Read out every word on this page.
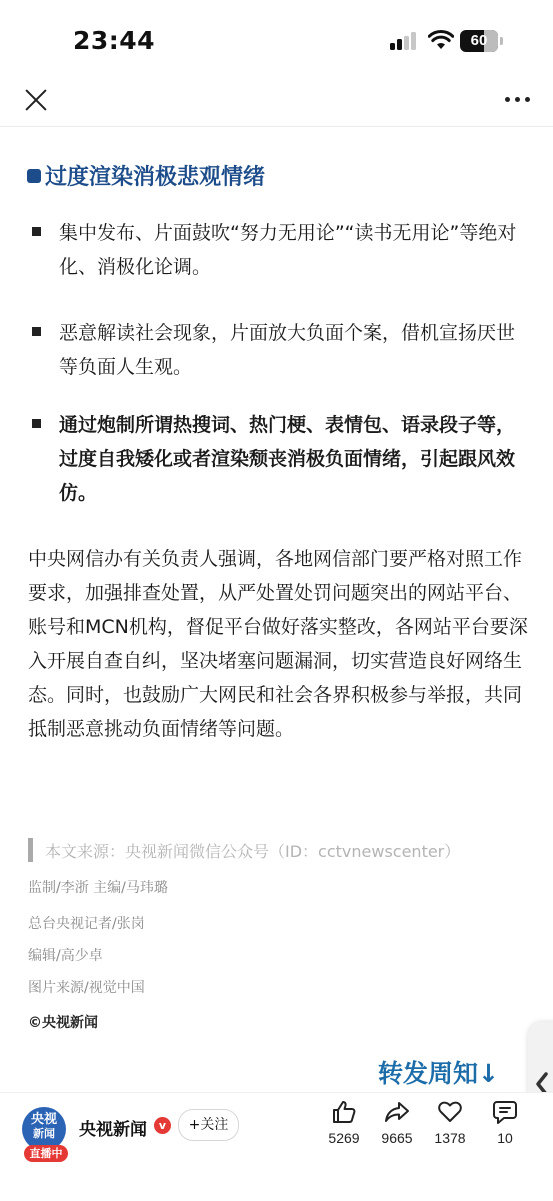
23:44	60
过度渲染消极悲观情绪
集中发布、片面鼓吹“努力无用论”“读书无用论”等绝对化、消极化论调。
恶意解读社会现象，片面放大负面个案，借机宣扬厌世等负面人生观。
通过炮制所谓热搜词、热门梗、表情包、语录段子等，过度自我矮化或者渲染颓丧消极负面情绪，引起跟风效仿。
中央网信办有关负责人强调，各地网信部门要严格对照工作要求，加强排查处置，从严处置处罚问题突出的网站平台、账号和MCN机构，督促平台做好落实整改，各网站平台要深入开展自查自纠，坚决堵塞问题漏洞，切实营造良好网络生态。同时，也鼓励广大网民和社会各界积极参与举报，共同抵制恶意挑动负面情绪等问题。
本文来源：央视新闻微信公众号（ID：cctvnewscenter）
监制/李浙 主编/马玮璐
总台央视记者/张岗
编辑/高少卓
图片来源/视觉中国
©央视新闻
转发周知↓
央视
新闻
直播中
央视新闻	v	+关注
5269	9665	1378	10
